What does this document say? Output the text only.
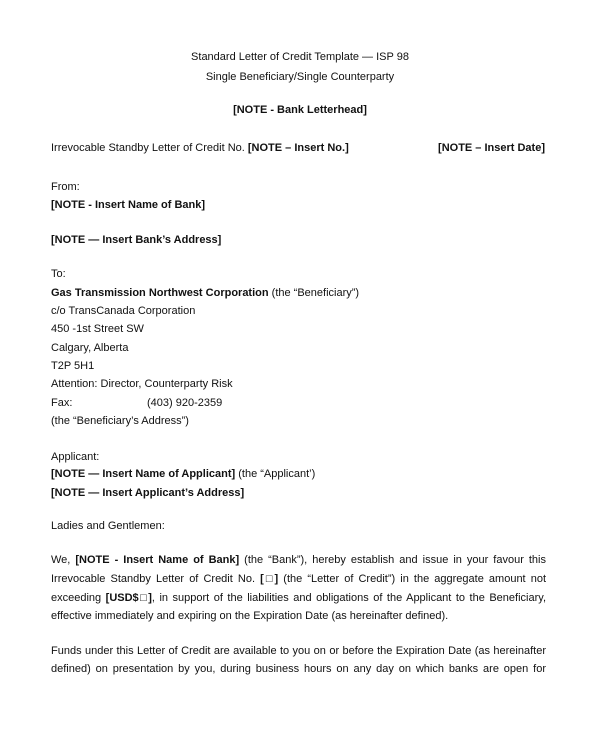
Standard Letter of Credit Template — ISP 98
Single Beneficiary/Single Counterparty
[NOTE - Bank Letterhead]
Irrevocable Standby Letter of Credit No. [NOTE – Insert No.]	[NOTE – Insert Date]
From:
[NOTE - Insert Name of Bank]
[NOTE — Insert Bank’s Address]
To:
Gas Transmission Northwest Corporation (the “Beneficiary”)
c/o TransCanada Corporation
450 -1st Street SW
Calgary, Alberta
T2P 5H1
Attention: Director, Counterparty Risk
Fax:	(403) 920-2359
(the “Beneficiary’s Address”)
Applicant:
[NOTE — Insert Name of Applicant] (the “Applicant’)
[NOTE — Insert Applicant’s Address]
Ladies and Gentlemen:
We, [NOTE - Insert Name of Bank] (the “Bank”), hereby establish and issue in your favour this
Irrevocable Standby Letter of Credit No. [□] (the “Letter of Credit”) in the aggregate amount not
exceeding [USD$□], in support of the liabilities and obligations of the Applicant to the Beneficiary,
effective immediately and expiring on the Expiration Date (as hereinafter defined).
Funds under this Letter of Credit are available to you on or before the Expiration Date (as hereinafter
defined) on presentation by you, during business hours on any day on which banks are open for
